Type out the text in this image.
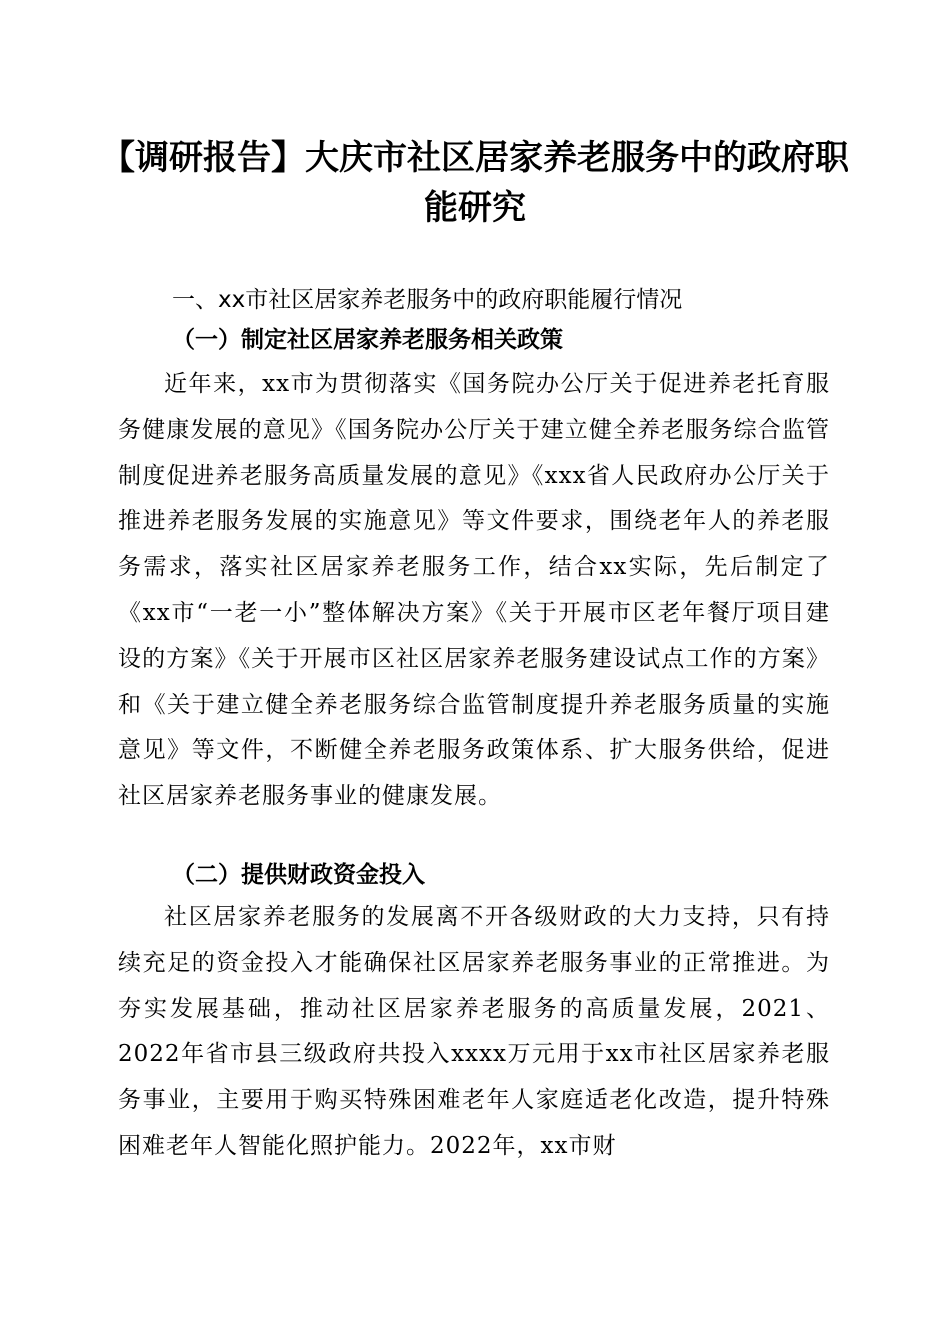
【调研报告】大庆市社区居家养老服务中的政府职能研究
一、xx市社区居家养老服务中的政府职能履行情况
（一）制定社区居家养老服务相关政策

近年来，xx市为贯彻落实《国务院办公厅关于促进养老托育服务健康发展的意见》《国务院办公厅关于建立健全养老服务综合监管制度促进养老服务高质量发展的意见》《xxx省人民政府办公厅关于推进养老服务发展的实施意见》等文件要求，围绕老年人的养老服务需求，落实社区居家养老服务工作，结合xx实际，先后制定了《xx市“一老一小”整体解决方案》《关于开展市区老年餐厅项目建设的方案》《关于开展市区社区居家养老服务建设试点工作的方案》和《关于建立健全养老服务综合监管制度提升养老服务质量的实施意见》等文件，不断健全养老服务政策体系、扩大服务供给，促进社区居家养老服务事业的健康发展。

（二）提供财政资金投入

社区居家养老服务的发展离不开各级财政的大力支持，只有持续充足的资金投入才能确保社区居家养老服务事业的正常推进。为夯实发展基础，推动社区居家养老服务的高质量发展，2021、2022年省市县三级政府共投入xxxx万元用于xx市社区居家养老服务事业，主要用于购买特殊困难老年人家庭适老化改造，提升特殊困难老年人智能化照护能力。2022年，xx市财
